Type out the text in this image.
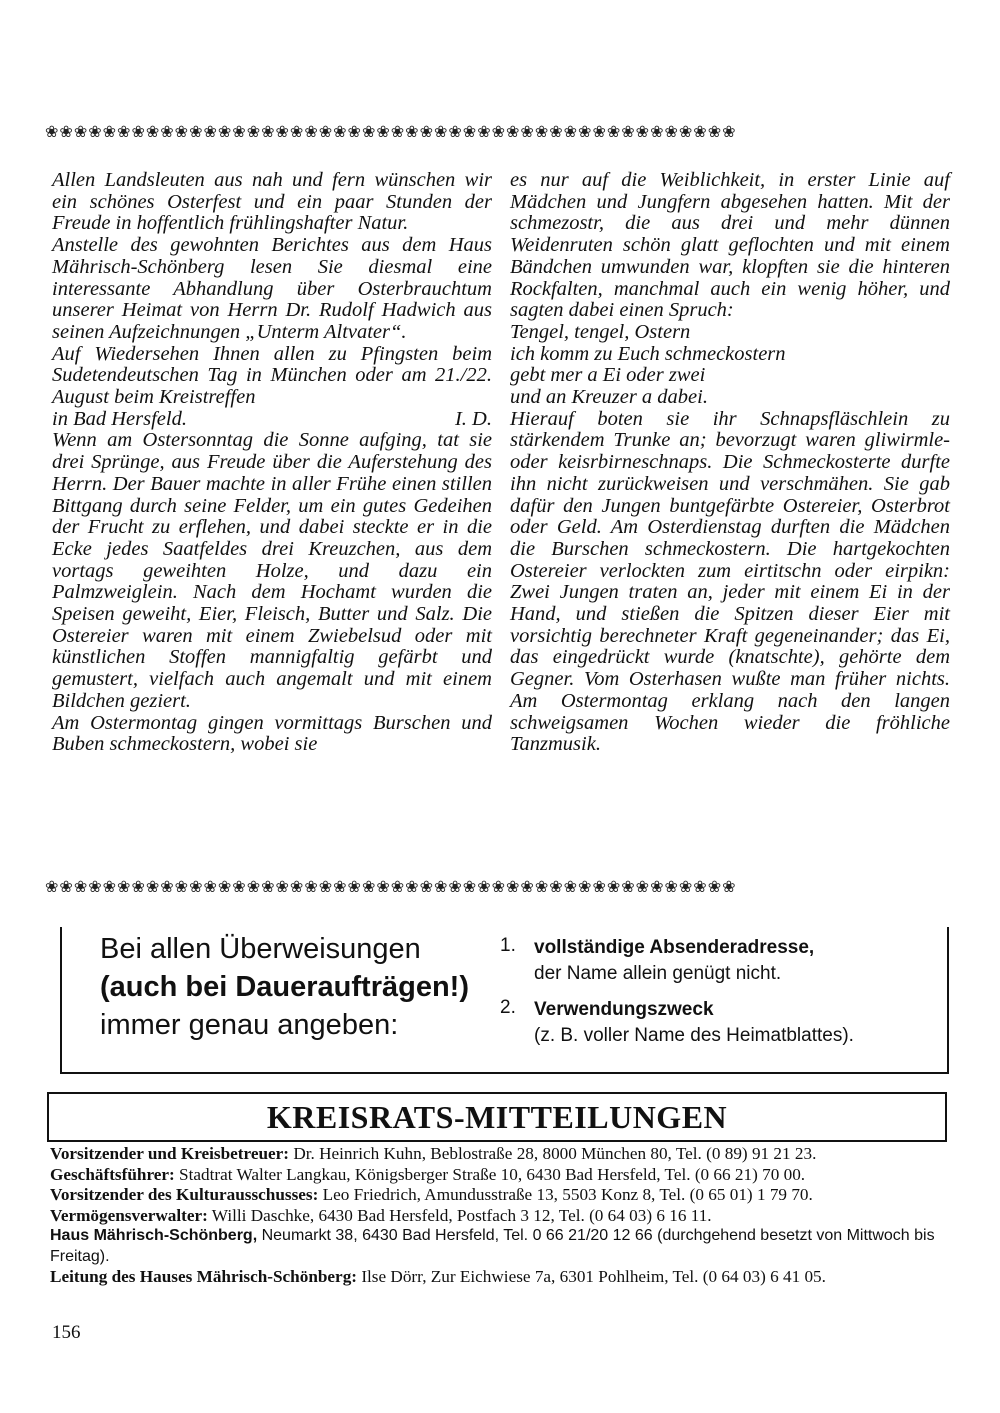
❀❀❀❀❀❀❀❀❀❀❀❀❀❀❀❀❀❀❀❀❀❀❀❀❀❀❀❀❀❀❀❀❀❀❀❀❀❀❀❀❀❀❀❀❀❀❀❀

Allen Landsleuten aus nah und fern wünschen wir ein schönes Osterfest und ein paar Stunden der Freude in hoffentlich frühlingshafter Natur.

Anstelle des gewohnten Berichtes aus dem Haus Mährisch-Schönberg lesen Sie diesmal eine interessante Abhandlung über Osterbrauchtum unserer Heimat von Herrn Dr. Rudolf Hadwich aus seinen Aufzeichnungen „Unterm Altvater“.

Auf Wiedersehen Ihnen allen zu Pfingsten beim Sudetendeutschen Tag in München oder am 21./22. August beim Kreistreffen

in Bad Hersfeld.	I. D.

Wenn am Ostersonntag die Sonne aufging, tat sie drei Sprünge, aus Freude über die Auferstehung des Herrn. Der Bauer machte in aller Frühe einen stillen Bittgang durch seine Felder, um ein gutes Gedeihen der Frucht zu erflehen, und dabei steckte er in die Ecke jedes Saatfeldes drei Kreuzchen, aus dem vortags geweihten Holze, und dazu ein Palmzweiglein. Nach dem Hochamt wurden die Speisen geweiht, Eier, Fleisch, Butter und Salz. Die Ostereier waren mit einem Zwiebelsud oder mit künstlichen Stoffen mannigfaltig gefärbt und gemustert, vielfach auch angemalt und mit einem Bildchen geziert.

Am Ostermontag gingen vormittags Burschen und Buben schmeckostern, wobei sie

es nur auf die Weiblichkeit, in erster Linie auf Mädchen und Jungfern abgesehen hatten. Mit der schmezostr, die aus drei und mehr dünnen Weidenruten schön glatt geflochten und mit einem Bändchen umwunden war, klopften sie die hinteren Rockfalten, manchmal auch ein wenig höher, und sagten dabei einen Spruch:

Tengel, tengel, Ostern

ich komm zu Euch schmeckostern

gebt mer a Ei oder zwei

und an Kreuzer a dabei.

Hierauf boten sie ihr Schnapsfläschlein zu stärkendem Trunke an; bevorzugt waren gliwirmle- oder keisrbirneschnaps. Die Schmeckosterte durfte ihn nicht zurückweisen und verschmähen. Sie gab dafür den Jungen buntgefärbte Ostereier, Osterbrot oder Geld. Am Osterdienstag durften die Mädchen die Burschen schmeckostern. Die hartgekochten Ostereier verlockten zum eirtitschn oder eirpikn: Zwei Jungen traten an, jeder mit einem Ei in der Hand, und stießen die Spitzen dieser Eier mit vorsichtig berechneter Kraft gegeneinander; das Ei, das eingedrückt wurde (knatschte), gehörte dem Gegner. Vom Osterhasen wußte man früher nichts. Am Ostermontag erklang nach den langen schweigsamen Wochen wieder die fröhliche Tanzmusik.

❀❀❀❀❀❀❀❀❀❀❀❀❀❀❀❀❀❀❀❀❀❀❀❀❀❀❀❀❀❀❀❀❀❀❀❀❀❀❀❀❀❀❀❀❀❀❀❀
Bei allen Überweisungen
(auch bei Daueraufträgen!)
immer genau angeben:
1. vollständige Absenderadresse,
der Name allein genügt nicht.
2. Verwendungszweck
(z. B. voller Name des Heimatblattes).
KREISRATS-MITTEILUNGEN
Vorsitzender und Kreisbetreuer: Dr. Heinrich Kuhn, Beblostraße 28, 8000 München 80, Tel. (0 89) 91 21 23.
Geschäftsführer: Stadtrat Walter Langkau, Königsberger Straße 10, 6430 Bad Hersfeld, Tel. (0 66 21) 70 00.
Vorsitzender des Kulturausschusses: Leo Friedrich, Amundusstraße 13, 5503 Konz 8, Tel. (0 65 01) 1 79 70.
Vermögensverwalter: Willi Daschke, 6430 Bad Hersfeld, Postfach 3 12, Tel. (0 64 03) 6 16 11.
Haus Mährisch-Schönberg, Neumarkt 38, 6430 Bad Hersfeld, Tel. 0 66 21/20 12 66 (durchgehend besetzt von Mittwoch bis Freitag).
Leitung des Hauses Mährisch-Schönberg: Ilse Dörr, Zur Eichwiese 7a, 6301 Pohlheim, Tel. (0 64 03) 6 41 05.
156
